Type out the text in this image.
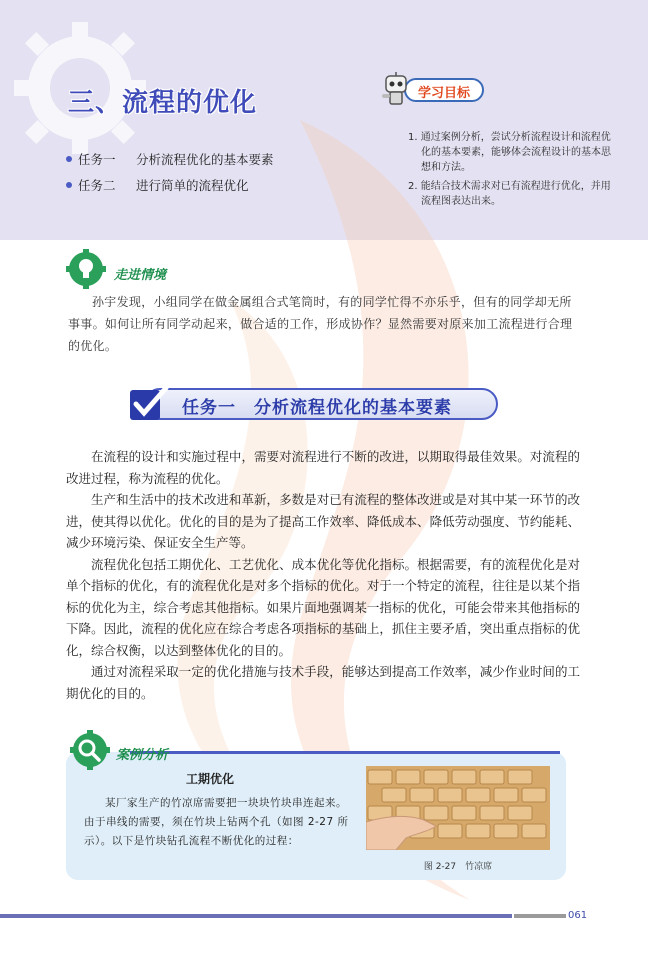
三、流程的优化
任务一	分析流程优化的基本要素
任务二	进行简单的流程优化
学习目标

1. 通过案例分析，尝试分析流程设计和流程优化的基本要素，能够体会流程设计的基本思想和方法。

2. 能结合技术需求对已有流程进行优化，并用流程图表达出来。

走进情境

孙宇发现，小组同学在做金属组合式笔筒时，有的同学忙得不亦乐乎，但有的同学却无所事事。如何让所有同学动起来，做合适的工作，形成协作？显然需要对原来加工流程进行合理的优化。

任务一　分析流程优化的基本要素

在流程的设计和实施过程中，需要对流程进行不断的改进，以期取得最佳效果。对流程的改进过程，称为流程的优化。

生产和生活中的技术改进和革新，多数是对已有流程的整体改进或是对其中某一环节的改进，使其得以优化。优化的目的是为了提高工作效率、降低成本、降低劳动强度、节约能耗、减少环境污染、保证安全生产等。

流程优化包括工期优化、工艺优化、成本优化等优化指标。根据需要，有的流程优化是对单个指标的优化，有的流程优化是对多个指标的优化。对于一个特定的流程，往往是以某个指标的优化为主，综合考虑其他指标。如果片面地强调某一指标的优化，可能会带来其他指标的下降。因此，流程的优化应在综合考虑各项指标的基础上，抓住主要矛盾，突出重点指标的优化，综合权衡，以达到整体优化的目的。

通过对流程采取一定的优化措施与技术手段，能够达到提高工作效率，减少作业时间的工期优化的目的。

案例分析
工期优化

某厂家生产的竹凉席需要把一块块竹块串连起来。由于串线的需要，须在竹块上钻两个孔（如图 2-27 所示）。以下是竹块钻孔流程不断优化的过程：

图 2-27　竹凉席
061
